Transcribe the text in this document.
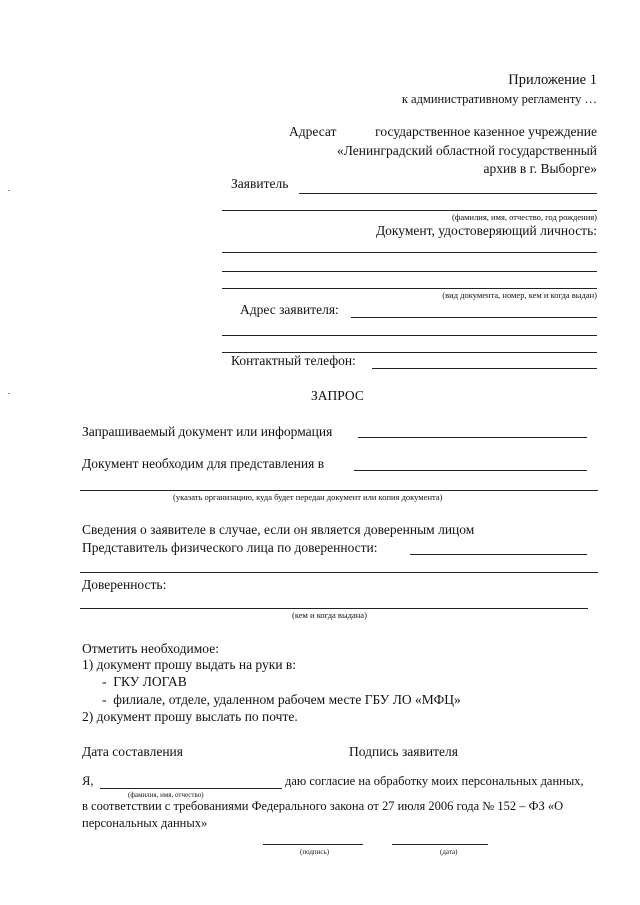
Приложение 1
к административному регламенту …
Адресат	государственное казенное учреждение
«Ленинградский областной государственный
архив в г. Выборге»
Заявитель
(фамилия, имя, отчество, год рождения)
Документ, удостоверяющий личность:
(вид документа, номер, кем и когда выдан)
Адрес заявителя:
Контактный телефон:
ЗАПРОС
Запрашиваемый документ или информация
Документ необходим для представления в
(указать организацию, куда будет передан документ или копия документа)
Сведения о заявителе в случае, если он является доверенным лицом
Представитель физического лица по доверенности:
Доверенность:
(кем и когда выдана)
Отметить необходимое:
1) документ прошу выдать на руки в:
-  ГКУ ЛОГАВ
-  филиале, отделе, удаленном рабочем месте ГБУ ЛО «МФЦ»
2) документ прошу выслать по почте.
Дата составления	Подпись заявителя
Я,
(фамилия, имя, отчество)
даю согласие на обработку моих персональных данных,
в соответствии с требованиями Федерального закона от 27 июля 2006 года № 152 – ФЗ «О
персональных данных»
(подпись)	(дата)
